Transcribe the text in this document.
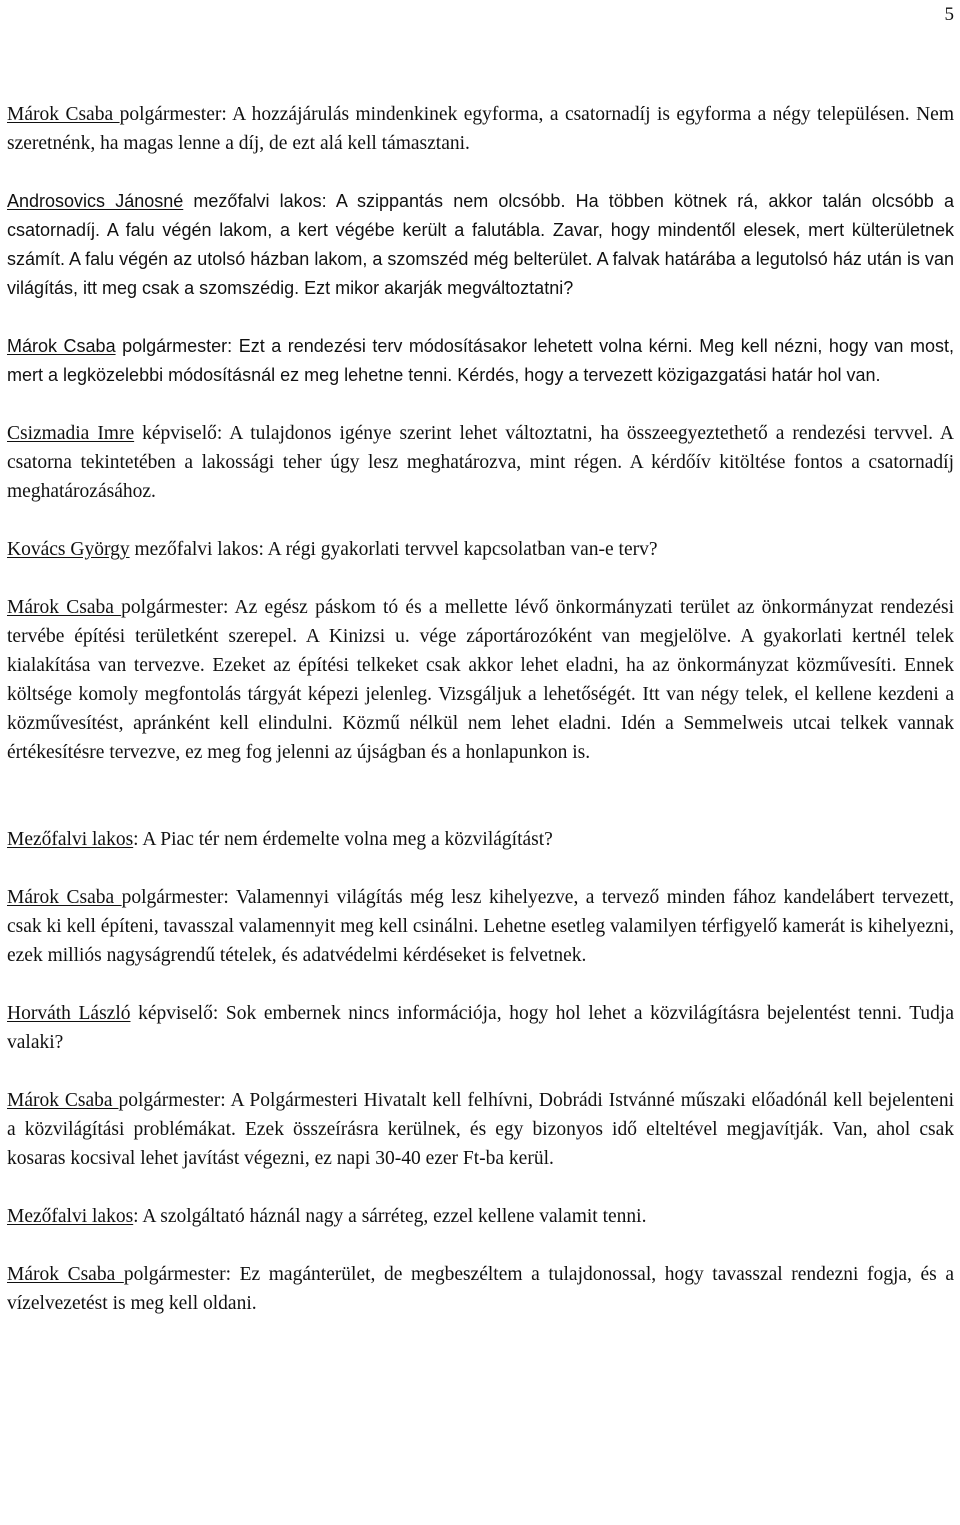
5

Márok Csaba polgármester: A hozzájárulás mindenkinek egyforma, a csatornadíj is egyforma a négy településen. Nem szeretnénk, ha magas lenne a díj, de ezt alá kell támasztani.

Androsovics Jánosné mezőfalvi lakos: A szippantás nem olcsóbb. Ha többen kötnek rá, akkor talán olcsóbb a csatornadíj. A falu végén lakom, a kert végébe került a falutábla. Zavar, hogy mindentől elesek, mert külterületnek számít. A falu végén az utolsó házban lakom, a szomszéd még belterület. A falvak határába a legutolsó ház után is van világítás, itt meg csak a szomszédig. Ezt mikor akarják megváltoztatni?

Márok Csaba polgármester: Ezt a rendezési terv módosításakor lehetett volna kérni. Meg kell nézni, hogy van most, mert a legközelebbi módosításnál ez meg lehetne tenni. Kérdés, hogy a tervezett közigazgatási határ hol van.

Csizmadia Imre képviselő: A tulajdonos igénye szerint lehet változtatni, ha összeegyeztethető a rendezési tervvel. A csatorna tekintetében a lakossági teher úgy lesz meghatározva, mint régen. A kérdőív kitöltése fontos a csatornadíj meghatározásához.

Kovács György mezőfalvi lakos: A régi gyakorlati tervvel kapcsolatban van-e terv?

Márok Csaba polgármester: Az egész páskom tó és a mellette lévő önkormányzati terület az önkormányzat rendezési tervébe építési területként szerepel. A Kinizsi u. vége záportározóként van megjelölve. A gyakorlati kertnél telek kialakítása van tervezve. Ezeket az építési telkeket csak akkor lehet eladni, ha az önkormányzat közművesíti. Ennek költsége komoly megfontolás tárgyát képezi jelenleg. Vizsgáljuk a lehetőségét. Itt van négy telek, el kellene kezdeni a közművesítést, apránként kell elindulni. Közmű nélkül nem lehet eladni. Idén a Semmelweis utcai telkek vannak értékesítésre tervezve, ez meg fog jelenni az újságban és a honlapunkon is.

Mezőfalvi lakos: A Piac tér nem érdemelte volna meg a közvilágítást?

Márok Csaba polgármester: Valamennyi világítás még lesz kihelyezve, a tervező minden fához kandelábert tervezett, csak ki kell építeni, tavasszal valamennyit meg kell csinálni. Lehetne esetleg valamilyen térfigyelő kamerát is kihelyezni, ezek milliós nagyságrendű tételek, és adatvédelmi kérdéseket is felvetnek.

Horváth László képviselő: Sok embernek nincs információja, hogy hol lehet a közvilágításra bejelentést tenni. Tudja valaki?

Márok Csaba polgármester: A Polgármesteri Hivatalt kell felhívni, Dobrádi Istvánné műszaki előadónál kell bejelenteni a közvilágítási problémákat. Ezek összeírásra kerülnek, és egy bizonyos idő elteltével megjavítják. Van, ahol csak kosaras kocsival lehet javítást végezni, ez napi 30-40 ezer Ft-ba kerül.

Mezőfalvi lakos: A szolgáltató háznál nagy a sárréteg, ezzel kellene valamit tenni.

Márok Csaba polgármester: Ez magánterület, de megbeszéltem a tulajdonossal, hogy tavasszal rendezni fogja, és a vízelvezetést is meg kell oldani.
